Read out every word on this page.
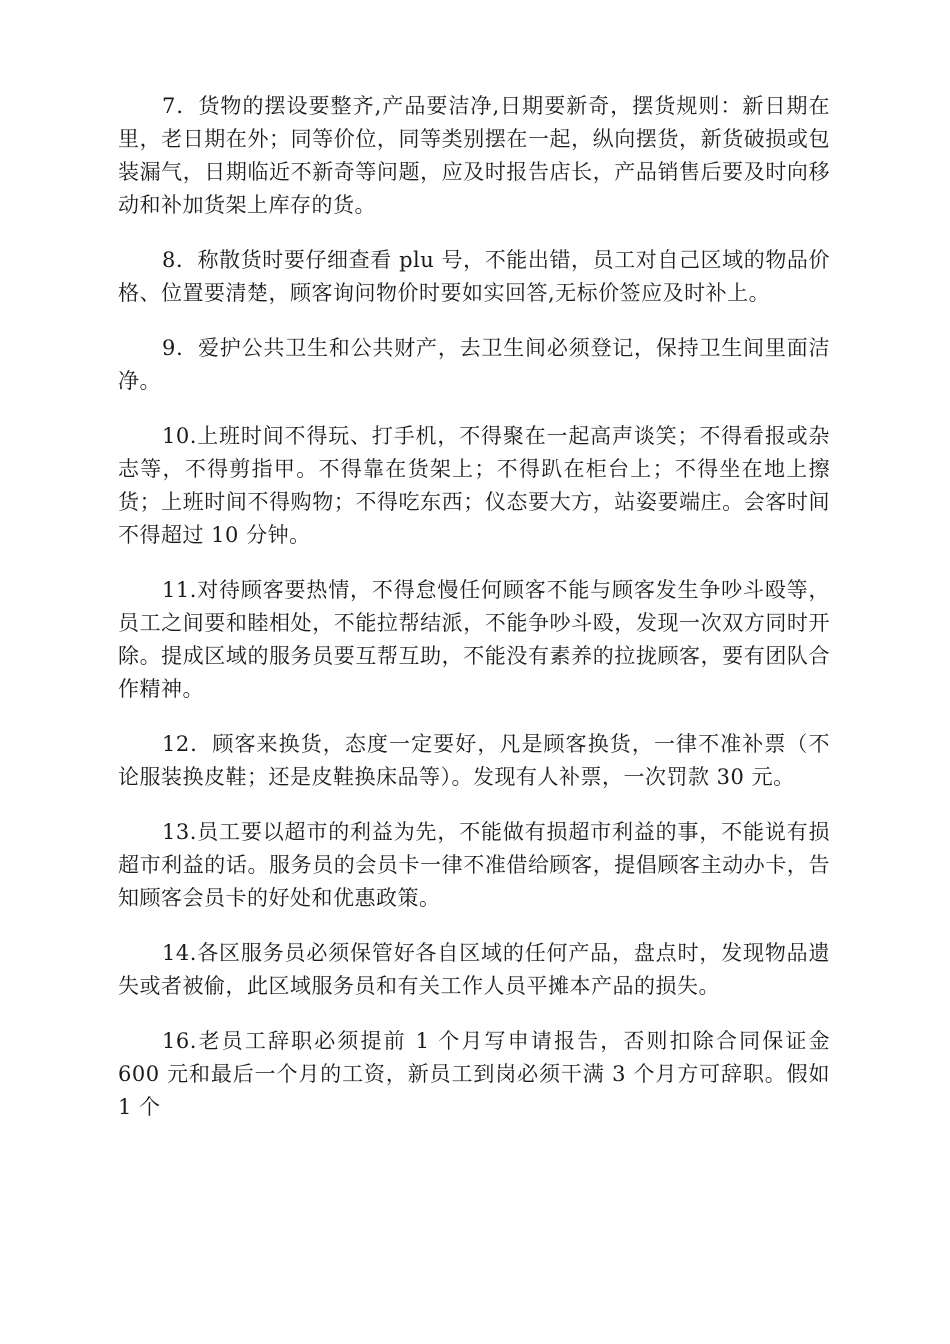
7．货物的摆设要整齐,产品要洁净,日期要新奇，摆货规则：新日期在里，老日期在外；同等价位，同等类别摆在一起，纵向摆货，新货破损或包装漏气，日期临近不新奇等问题，应及时报告店长，产品销售后要及时向移动和补加货架上库存的货。

8．称散货时要仔细查看 plu 号，不能出错，员工对自己区域的物品价格、位置要清楚，顾客询问物价时要如实回答,无标价签应及时补上。

9．爱护公共卫生和公共财产，去卫生间必须登记，保持卫生间里面洁净。

10.上班时间不得玩、打手机，不得聚在一起高声谈笑；不得看报或杂志等，不得剪指甲。不得靠在货架上；不得趴在柜台上；不得坐在地上擦货；上班时间不得购物；不得吃东西；仪态要大方，站姿要端庄。会客时间不得超过 10 分钟。

11.对待顾客要热情，不得怠慢任何顾客不能与顾客发生争吵斗殴等，员工之间要和睦相处，不能拉帮结派，不能争吵斗殴，发现一次双方同时开除。提成区域的服务员要互帮互助，不能没有素养的拉拢顾客，要有团队合作精神。

12．顾客来换货，态度一定要好，凡是顾客换货，一律不准补票（不论服装换皮鞋；还是皮鞋换床品等）。发现有人补票，一次罚款 30 元。

13.员工要以超市的利益为先，不能做有损超市利益的事，不能说有损超市利益的话。服务员的会员卡一律不准借给顾客，提倡顾客主动办卡，告知顾客会员卡的好处和优惠政策。

14.各区服务员必须保管好各自区域的任何产品，盘点时，发现物品遗失或者被偷，此区域服务员和有关工作人员平摊本产品的损失。

16.老员工辞职必须提前 1 个月写申请报告，否则扣除合同保证金 600 元和最后一个月的工资，新员工到岗必须干满 3 个月方可辞职。假如 1 个
